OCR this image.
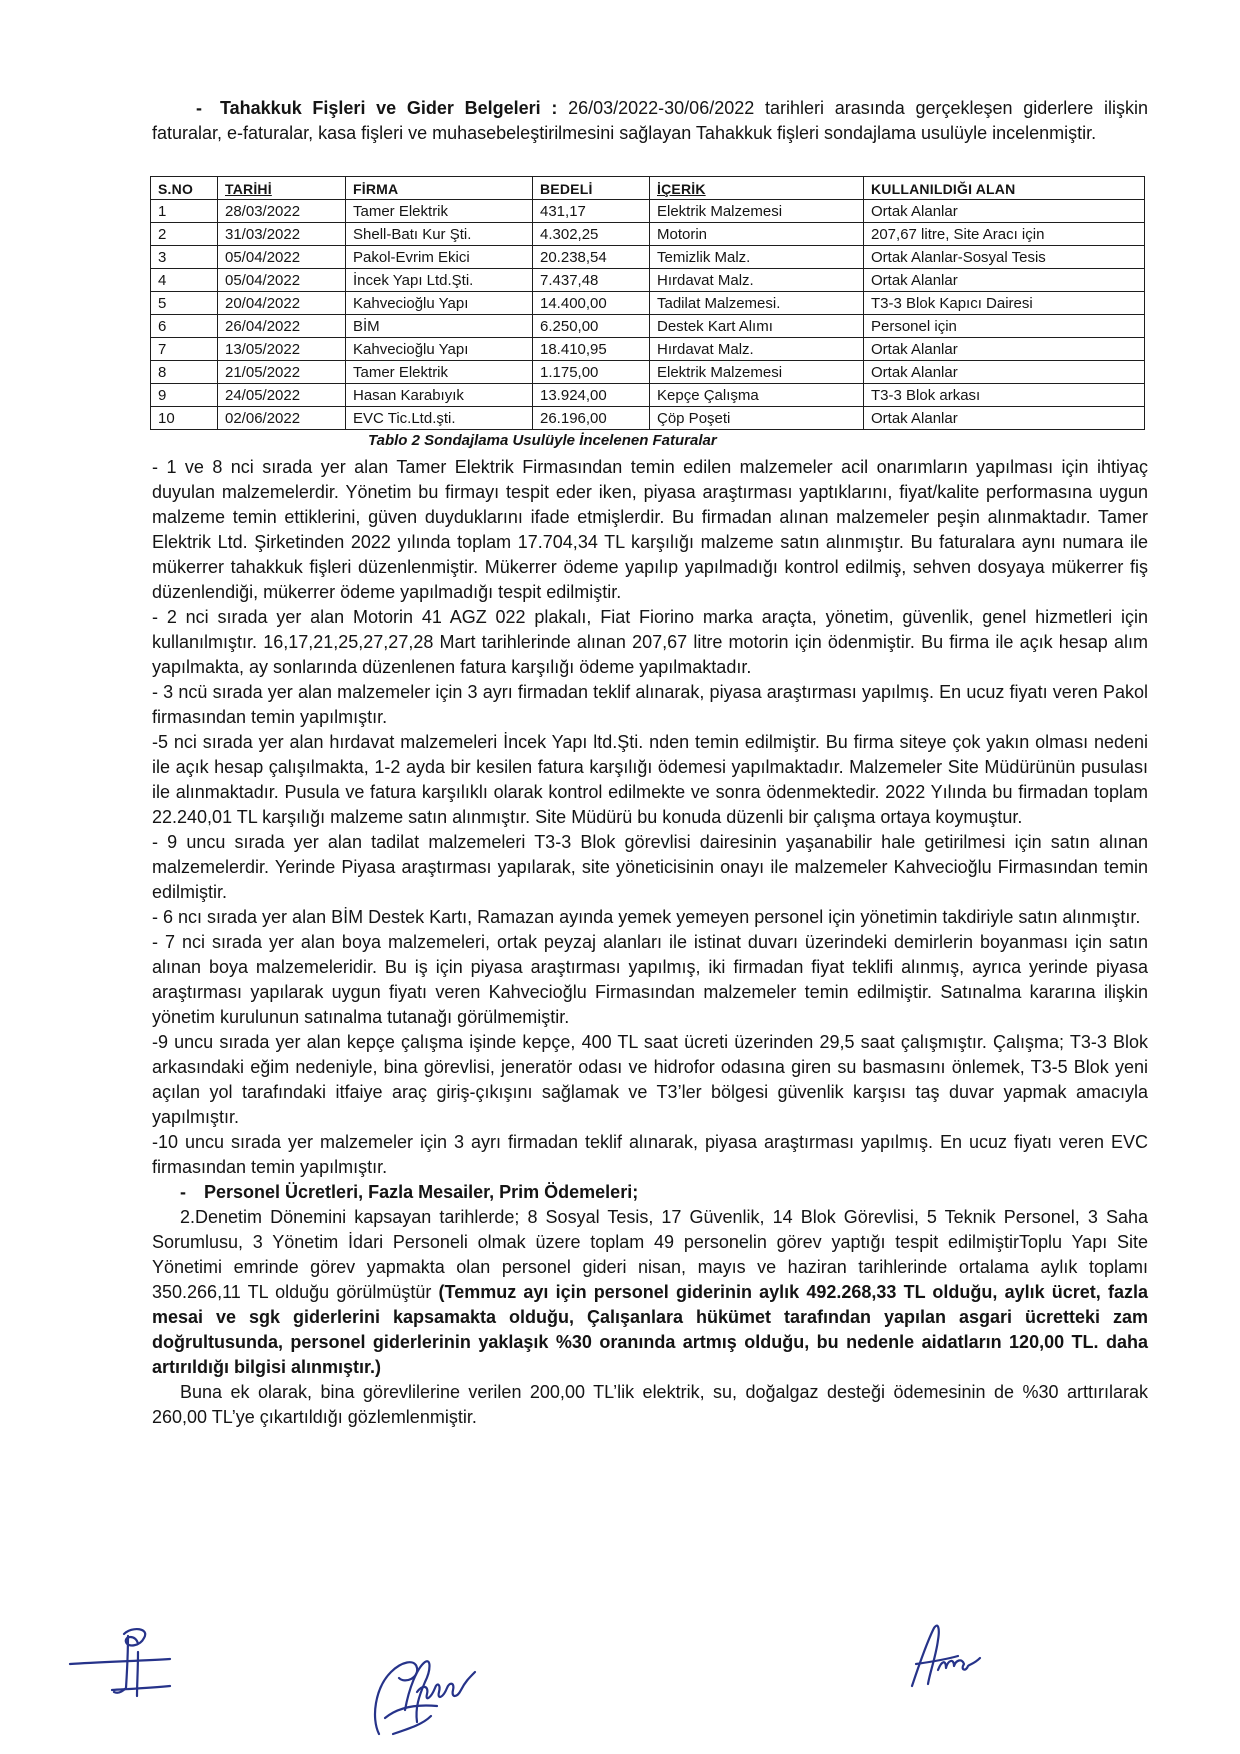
- Tahakkuk Fişleri ve Gider Belgeleri : 26/03/2022-30/06/2022 tarihleri arasında gerçekleşen giderlere ilişkin faturalar, e-faturalar, kasa fişleri ve muhasebeleştirilmesini sağlayan Tahakkuk fişleri sondajlama usulüyle incelenmiştir.

S.NO	TARİHİ	FİRMA	BEDELİ	İÇERİK	KULLANILDIĞI ALAN
1	28/03/2022	Tamer Elektrik	431,17	Elektrik Malzemesi	Ortak Alanlar
2	31/03/2022	Shell-Batı Kur Şti.	4.302,25	Motorin	207,67 litre, Site Aracı için
3	05/04/2022	Pakol-Evrim Ekici	20.238,54	Temizlik Malz.	Ortak Alanlar-Sosyal Tesis
4	05/04/2022	İncek Yapı Ltd.Şti.	7.437,48	Hırdavat Malz.	Ortak Alanlar
5	20/04/2022	Kahvecioğlu Yapı	14.400,00	Tadilat Malzemesi.	T3-3 Blok Kapıcı Dairesi
6	26/04/2022	BİM	6.250,00	Destek Kart Alımı	Personel için
7	13/05/2022	Kahvecioğlu Yapı	18.410,95	Hırdavat Malz.	Ortak Alanlar
8	21/05/2022	Tamer Elektrik	1.175,00	Elektrik Malzemesi	Ortak Alanlar
9	24/05/2022	Hasan Karabıyık	13.924,00	Kepçe Çalışma	T3-3 Blok arkası
10	02/06/2022	EVC Tic.Ltd.şti.	26.196,00	Çöp Poşeti	Ortak Alanlar
Tablo 2 Sondajlama Usulüyle İncelenen Faturalar

- 1 ve 8 nci sırada yer alan Tamer Elektrik Firmasından temin edilen malzemeler acil onarımların yapılması için ihtiyaç duyulan malzemelerdir. Yönetim bu firmayı tespit eder iken, piyasa araştırması yaptıklarını, fiyat/kalite performasına uygun malzeme temin ettiklerini, güven duyduklarını ifade etmişlerdir. Bu firmadan alınan malzemeler peşin alınmaktadır. Tamer Elektrik Ltd. Şirketinden 2022 yılında toplam 17.704,34 TL karşılığı malzeme satın alınmıştır. Bu faturalara aynı numara ile mükerrer tahakkuk fişleri düzenlenmiştir. Mükerrer ödeme yapılıp yapılmadığı kontrol edilmiş, sehven dosyaya mükerrer fiş düzenlendiği, mükerrer ödeme yapılmadığı tespit edilmiştir.

- 2 nci sırada yer alan Motorin 41 AGZ 022 plakalı, Fiat Fiorino marka araçta, yönetim, güvenlik, genel hizmetleri için kullanılmıştır. 16,17,21,25,27,27,28 Mart tarihlerinde alınan 207,67 litre motorin için ödenmiştir. Bu firma ile açık hesap alım yapılmakta, ay sonlarında düzenlenen fatura karşılığı ödeme yapılmaktadır.

- 3 ncü sırada yer alan malzemeler için 3 ayrı firmadan teklif alınarak, piyasa araştırması yapılmış. En ucuz fiyatı veren Pakol firmasından temin yapılmıştır.

-5 nci sırada yer alan hırdavat malzemeleri İncek Yapı ltd.Şti. nden temin edilmiştir. Bu firma siteye çok yakın olması nedeni ile açık hesap çalışılmakta, 1-2 ayda bir kesilen fatura karşılığı ödemesi yapılmaktadır. Malzemeler Site Müdürünün pusulası ile alınmaktadır. Pusula ve fatura karşılıklı olarak kontrol edilmekte ve sonra ödenmektedir. 2022 Yılında bu firmadan toplam 22.240,01 TL karşılığı malzeme satın alınmıştır. Site Müdürü bu konuda düzenli bir çalışma ortaya koymuştur.

- 9 uncu sırada yer alan tadilat malzemeleri T3-3 Blok görevlisi dairesinin yaşanabilir hale getirilmesi için satın alınan malzemelerdir. Yerinde Piyasa araştırması yapılarak, site yöneticisinin onayı ile malzemeler Kahvecioğlu Firmasından temin edilmiştir.

- 6 ncı sırada yer alan BİM Destek Kartı, Ramazan ayında yemek yemeyen personel için yönetimin takdiriyle satın alınmıştır.

- 7 nci sırada yer alan boya malzemeleri, ortak peyzaj alanları ile istinat duvarı üzerindeki demirlerin boyanması için satın alınan boya malzemeleridir. Bu iş için piyasa araştırması yapılmış, iki firmadan fiyat teklifi alınmış, ayrıca yerinde piyasa araştırması yapılarak uygun fiyatı veren Kahvecioğlu Firmasından malzemeler temin edilmiştir. Satınalma kararına ilişkin yönetim kurulunun satınalma tutanağı görülmemiştir.

-9 uncu sırada yer alan kepçe çalışma işinde kepçe, 400 TL saat ücreti üzerinden 29,5 saat çalışmıştır. Çalışma; T3-3 Blok arkasındaki eğim nedeniyle, bina görevlisi, jeneratör odası ve hidrofor odasına giren su basmasını önlemek, T3-5 Blok yeni açılan yol tarafındaki itfaiye araç giriş-çıkışını sağlamak ve T3’ler bölgesi güvenlik karşısı taş duvar yapmak amacıyla yapılmıştır.

-10 uncu sırada yer malzemeler için 3 ayrı firmadan teklif alınarak, piyasa araştırması yapılmış. En ucuz fiyatı veren EVC firmasından temin yapılmıştır.

- Personel Ücretleri, Fazla Mesailer, Prim Ödemeleri;

2.Denetim Dönemini kapsayan tarihlerde; 8 Sosyal Tesis, 17 Güvenlik, 14 Blok Görevlisi, 5 Teknik Personel, 3 Saha Sorumlusu, 3 Yönetim İdari Personeli olmak üzere toplam 49 personelin görev yaptığı tespit edilmiştirToplu Yapı Site Yönetimi emrinde görev yapmakta olan personel gideri nisan, mayıs ve haziran tarihlerinde ortalama aylık toplamı 350.266,11 TL olduğu görülmüştür (Temmuz ayı için personel giderinin aylık 492.268,33 TL olduğu, aylık ücret, fazla mesai ve sgk giderlerini kapsamakta olduğu, Çalışanlara hükümet tarafından yapılan asgari ücretteki zam doğrultusunda, personel giderlerinin yaklaşık %30 oranında artmış olduğu, bu nedenle aidatların 120,00 TL. daha artırıldığı bilgisi alınmıştır.)

Buna ek olarak, bina görevlilerine verilen 200,00 TL’lik elektrik, su, doğalgaz desteği ödemesinin de %30 arttırılarak 260,00 TL’ye çıkartıldığı gözlemlenmiştir.
